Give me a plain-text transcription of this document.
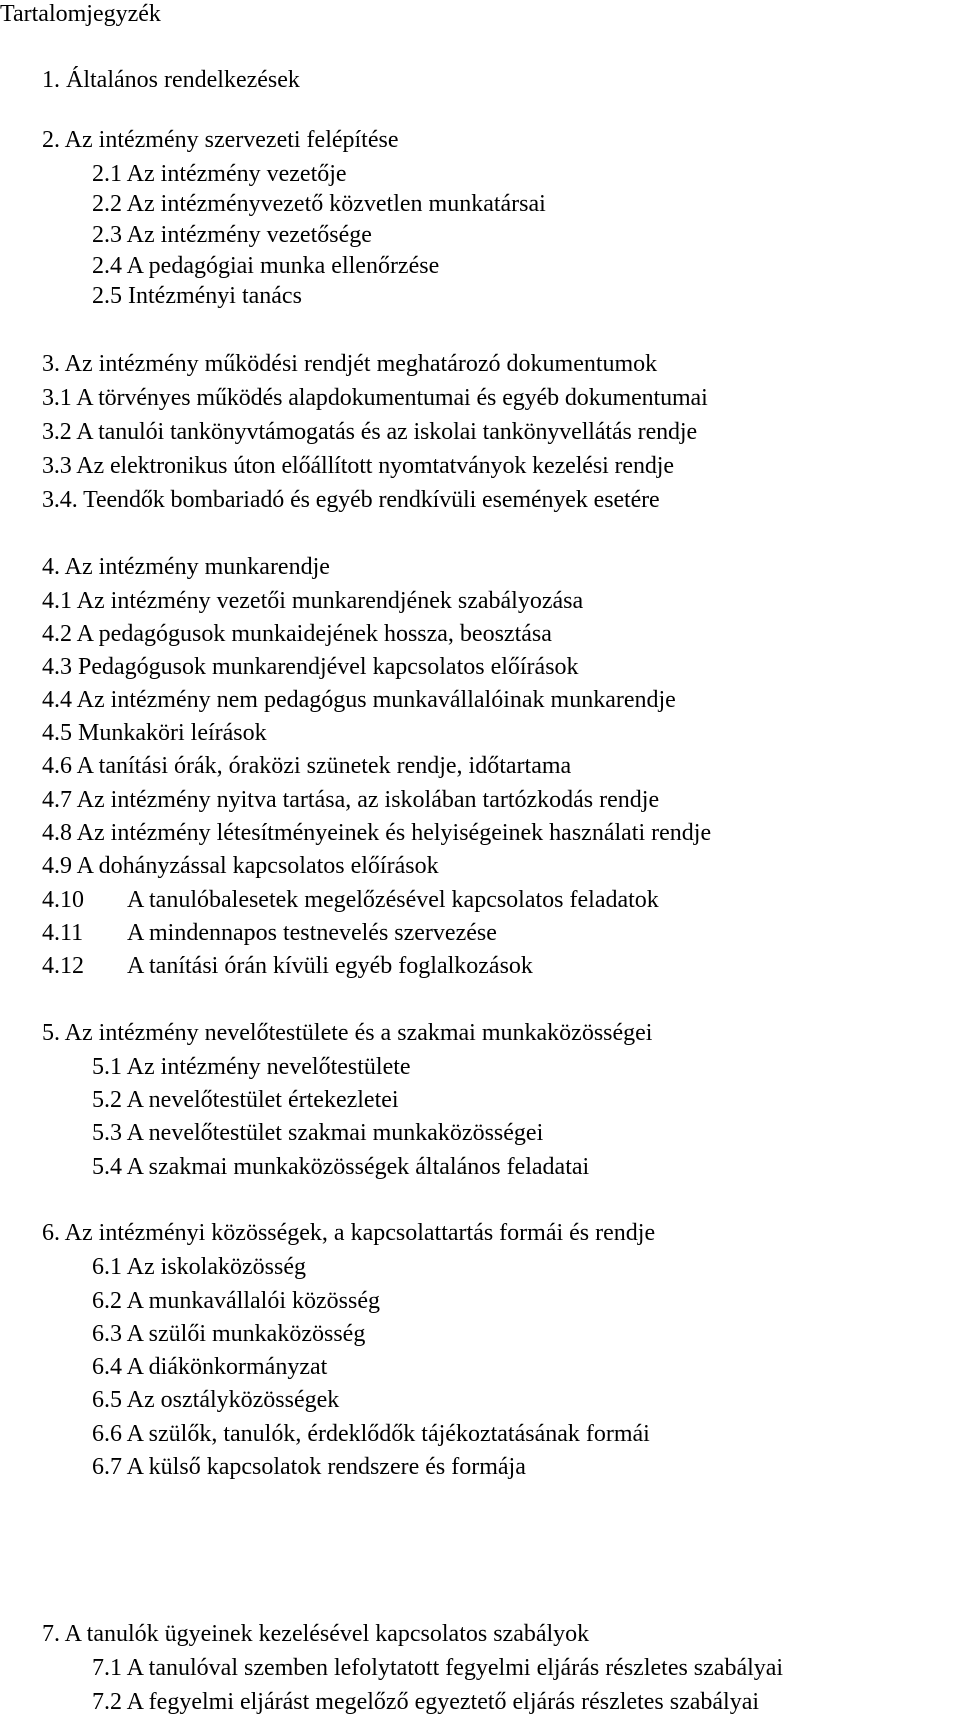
Tartalomjegyzék
1. Általános rendelkezések
2. Az intézmény szervezeti felépítése
2.1 Az intézmény vezetője
2.2 Az intézményvezető közvetlen munkatársai
2.3 Az intézmény vezetősége
2.4 A pedagógiai munka ellenőrzése
2.5 Intézményi tanács
3. Az intézmény működési rendjét meghatározó dokumentumok
3.1 A törvényes működés alapdokumentumai és egyéb dokumentumai
3.2 A tanulói tankönyvtámogatás és az iskolai tankönyvellátás rendje
3.3 Az elektronikus úton előállított nyomtatványok kezelési rendje
3.4. Teendők bombariadó és egyéb rendkívüli események esetére
4. Az intézmény munkarendje
4.1 Az intézmény vezetői munkarendjének szabályozása
4.2 A pedagógusok munkaidejének hossza, beosztása
4.3 Pedagógusok munkarendjével kapcsolatos előírások
4.4 Az intézmény nem pedagógus munkavállalóinak munkarendje
4.5 Munkaköri leírások
4.6 A tanítási órák, óraközi szünetek rendje, időtartama
4.7 Az intézmény nyitva tartása, az iskolában tartózkodás rendje
4.8 Az intézmény létesítményeinek és helyiségeinek használati rendje
4.9 A dohányzással kapcsolatos előírások
4.10 A tanulóbalesetek megelőzésével kapcsolatos feladatok
4.11 A mindennapos testnevelés szervezése
4.12 A tanítási órán kívüli egyéb foglalkozások
5. Az intézmény nevelőtestülete és a szakmai munkaközösségei
5.1 Az intézmény nevelőtestülete
5.2 A nevelőtestület értekezletei
5.3 A nevelőtestület szakmai munkaközösségei
5.4 A szakmai munkaközösségek általános feladatai
6. Az intézményi közösségek, a kapcsolattartás formái és rendje
6.1 Az iskolaközösség
6.2 A munkavállalói közösség
6.3 A szülői munkaközösség
6.4 A diákönkormányzat
6.5 Az osztályközösségek
6.6 A szülők, tanulók, érdeklődők tájékoztatásának formái
6.7 A külső kapcsolatok rendszere és formája
7. A tanulók ügyeinek kezelésével kapcsolatos szabályok
7.1 A tanulóval szemben lefolytatott fegyelmi eljárás részletes szabályai
7.2 A fegyelmi eljárást megelőző egyeztető eljárás részletes szabályai
